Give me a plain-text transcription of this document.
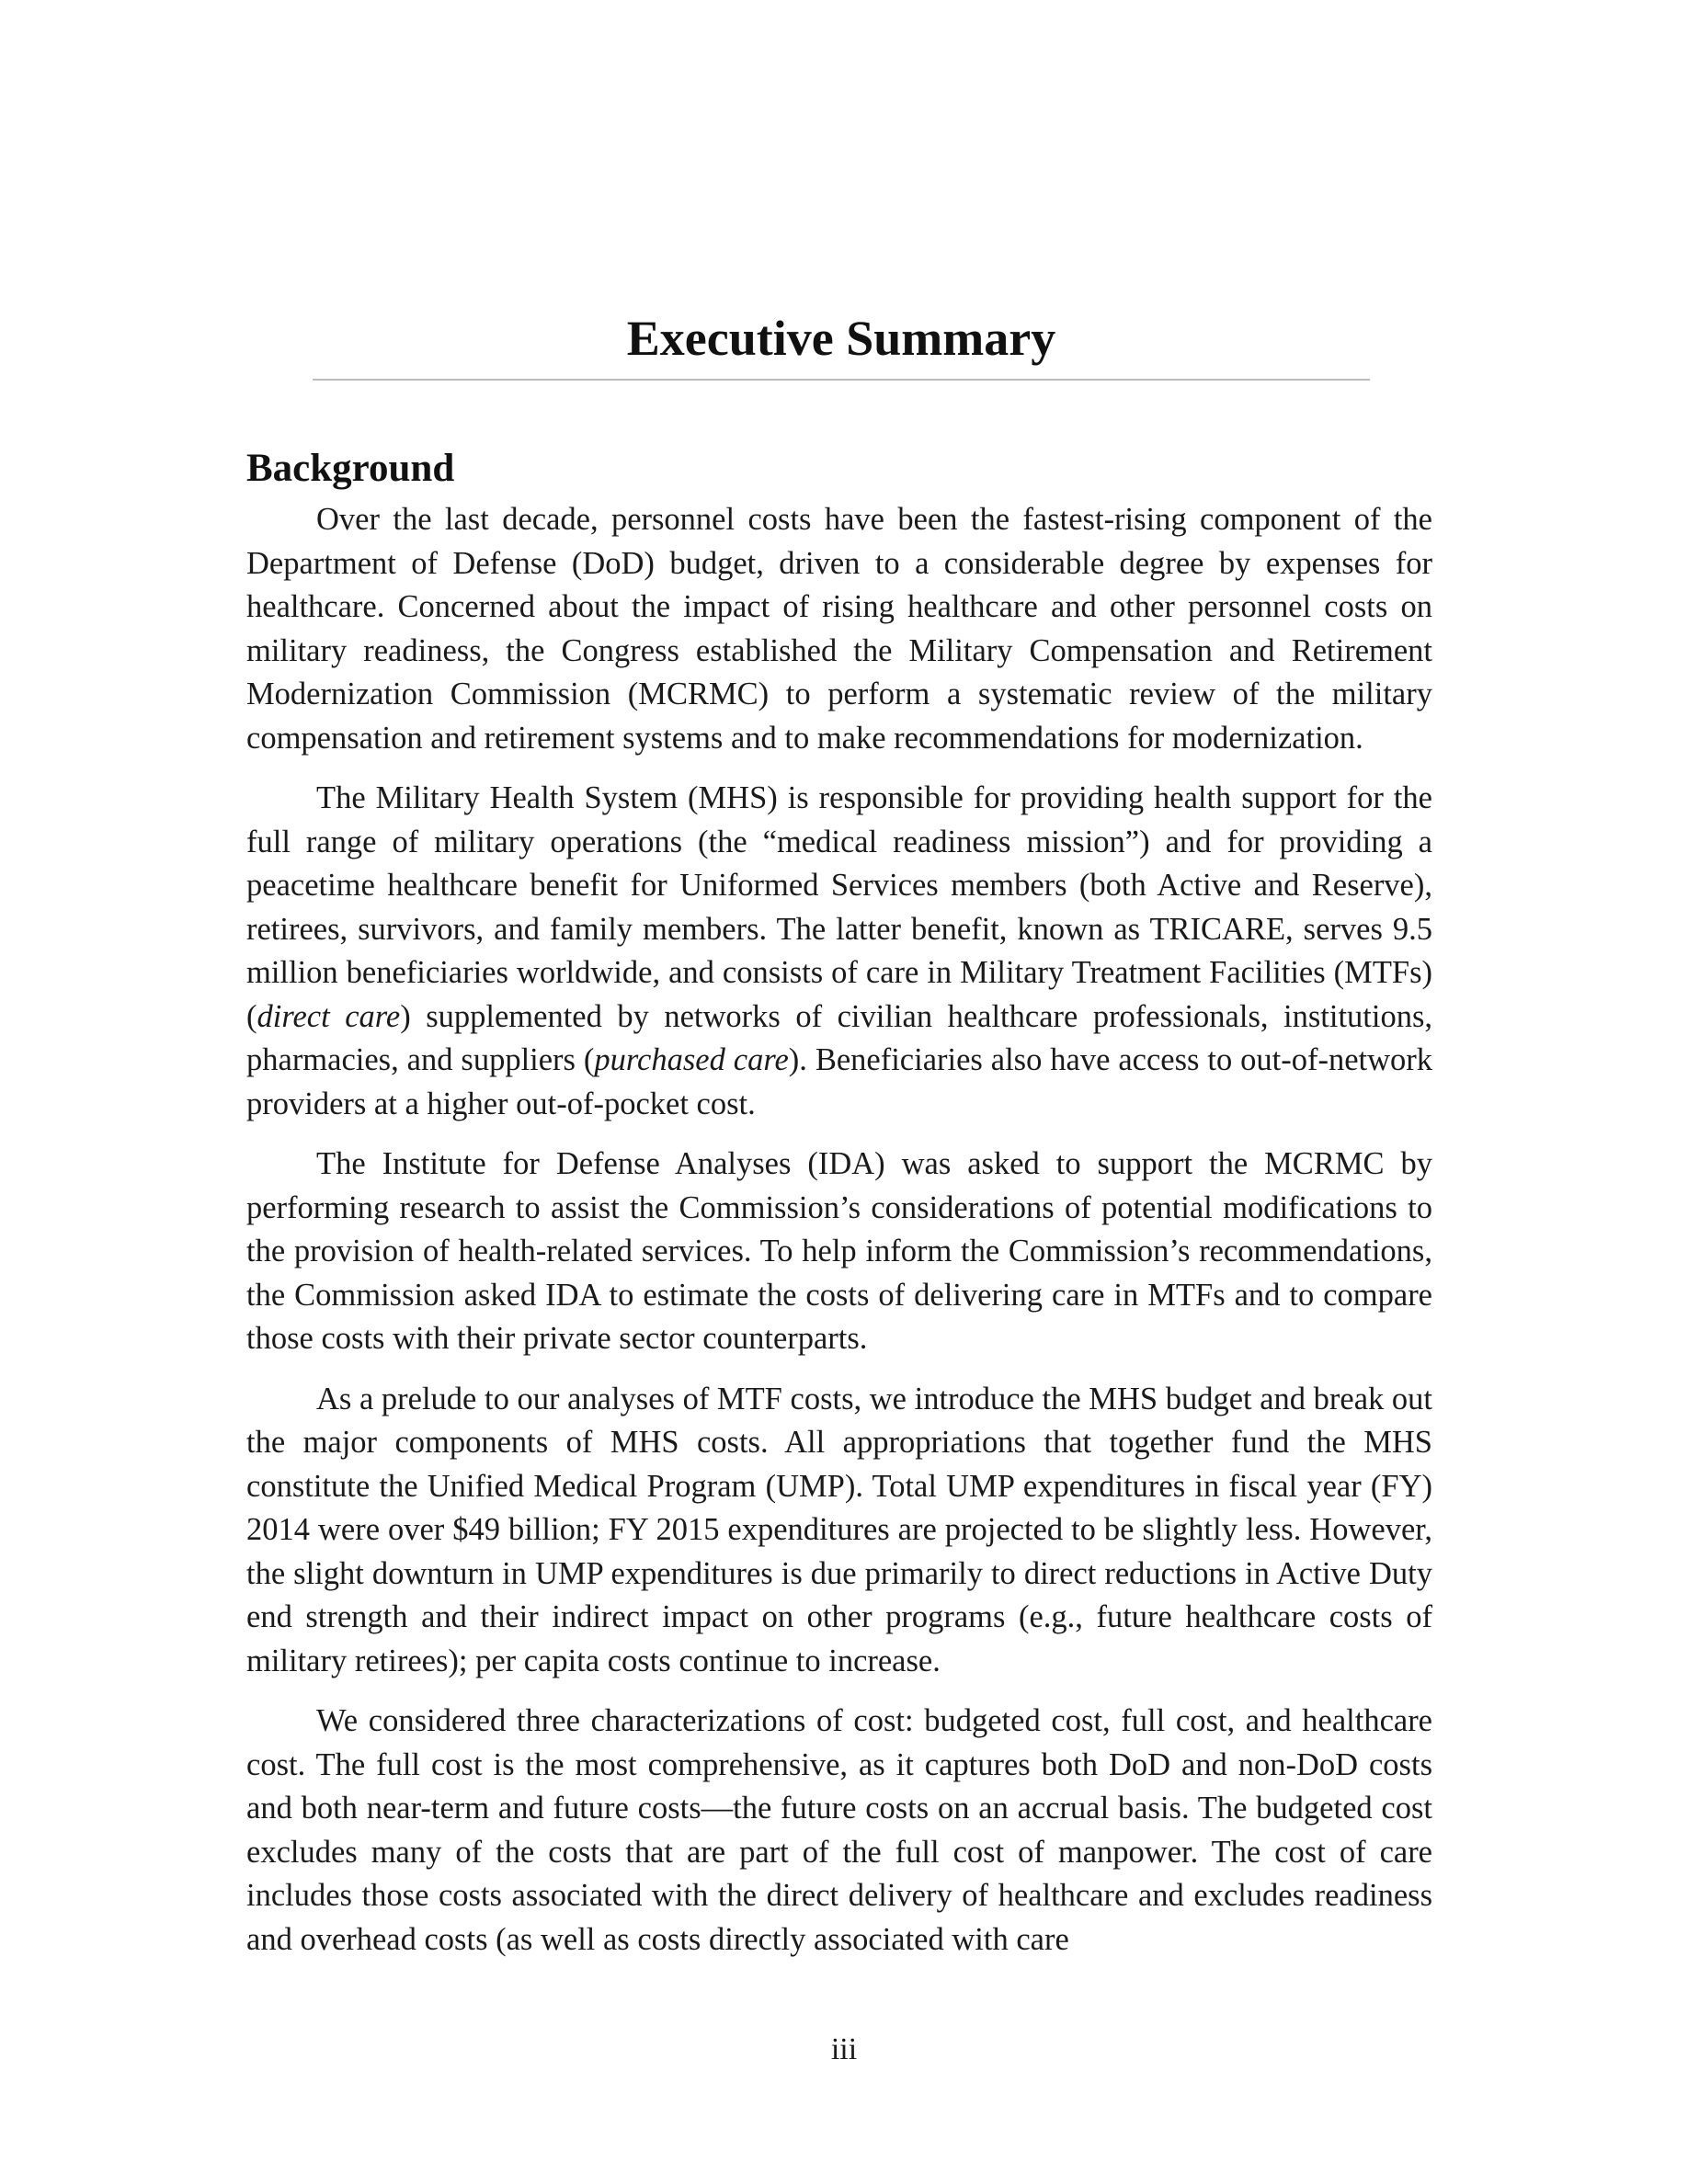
Executive Summary
Background

Over the last decade, personnel costs have been the fastest-rising component of the Department of Defense (DoD) budget, driven to a considerable degree by expenses for healthcare. Concerned about the impact of rising healthcare and other personnel costs on military readiness, the Congress established the Military Compensation and Retirement Modernization Commission (MCRMC) to perform a systematic review of the military compensation and retirement systems and to make recommendations for modernization.

The Military Health System (MHS) is responsible for providing health support for the full range of military operations (the “medical readiness mission”) and for providing a peacetime healthcare benefit for Uniformed Services members (both Active and Reserve), retirees, survivors, and family members. The latter benefit, known as TRICARE, serves 9.5 million beneficiaries worldwide, and consists of care in Military Treatment Facilities (MTFs) (direct care) supplemented by networks of civilian healthcare professionals, institutions, pharmacies, and suppliers (purchased care). Beneficiaries also have access to out-of-network providers at a higher out-of-pocket cost.

The Institute for Defense Analyses (IDA) was asked to support the MCRMC by performing research to assist the Commission’s considerations of potential modifications to the provision of health-related services. To help inform the Commission’s recommendations, the Commission asked IDA to estimate the costs of delivering care in MTFs and to compare those costs with their private sector counterparts.

As a prelude to our analyses of MTF costs, we introduce the MHS budget and break out the major components of MHS costs. All appropriations that together fund the MHS constitute the Unified Medical Program (UMP). Total UMP expenditures in fiscal year (FY) 2014 were over $49 billion; FY 2015 expenditures are projected to be slightly less. However, the slight downturn in UMP expenditures is due primarily to direct reductions in Active Duty end strength and their indirect impact on other programs (e.g., future healthcare costs of military retirees); per capita costs continue to increase.

We considered three characterizations of cost: budgeted cost, full cost, and healthcare cost. The full cost is the most comprehensive, as it captures both DoD and non-DoD costs and both near-term and future costs—the future costs on an accrual basis. The budgeted cost excludes many of the costs that are part of the full cost of manpower. The cost of care includes those costs associated with the direct delivery of healthcare and excludes readiness and overhead costs (as well as costs directly associated with care

iii
